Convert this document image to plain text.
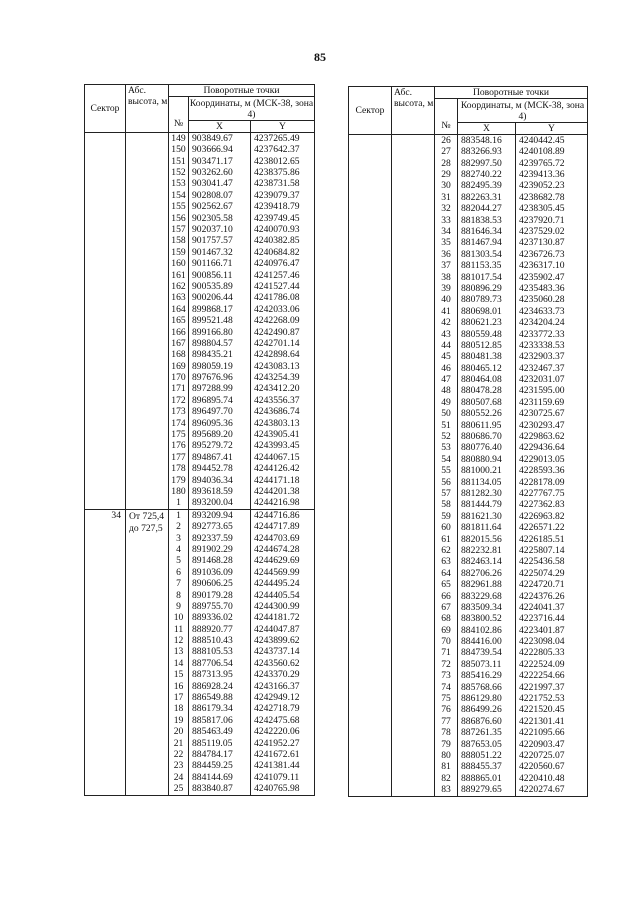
85
Сектор	Абс. высота, м	Поворотные точки		
		№	Координаты, м (МСК-38, зона 4)	
			X	Y
		149	903849.67	4237265.49
		150	903666.94	4237642.37
		151	903471.17	4238012.65
		152	903262.60	4238375.86
		153	903041.47	4238731.58
		154	902808.07	4239079.37
		155	902562.67	4239418.79
		156	902305.58	4239749.45
		157	902037.10	4240070.93
		158	901757.57	4240382.85
		159	901467.32	4240684.82
		160	901166.71	4240976.47
		161	900856.11	4241257.46
		162	900535.89	4241527.44
		163	900206.44	4241786.08
		164	899868.17	4242033.06
		165	899521.48	4242268.09
		166	899166.80	4242490.87
		167	898804.57	4242701.14
		168	898435.21	4242898.64
		169	898059.19	4243083.13
		170	897676.96	4243254.39
		171	897288.99	4243412.20
		172	896895.74	4243556.37
		173	896497.70	4243686.74
		174	896095.36	4243803.13
		175	895689.20	4243905.41
		176	895279.72	4243993.45
		177	894867.41	4244067.15
		178	894452.78	4244126.42
		179	894036.34	4244171.18
		180	893618.59	4244201.38
		1	893200.04	4244216.98
34	От 725,4 до 727,5	1	893209.94	4244716.86
		2	892773.65	4244717.89
		3	892337.59	4244703.69
		4	891902.29	4244674.28
		5	891468.28	4244629.69
		6	891036.09	4244569.99
		7	890606.25	4244495.24
		8	890179.28	4244405.54
		9	889755.70	4244300.99
		10	889336.02	4244181.72
		11	888920.77	4244047.87
		12	888510.43	4243899.62
		13	888105.53	4243737.14
		14	887706.54	4243560.62
		15	887313.95	4243370.29
		16	886928.24	4243166.37
		17	886549.88	4242949.12
		18	886179.34	4242718.79
		19	885817.06	4242475.68
		20	885463.49	4242220.06
		21	885119.05	4241952.27
		22	884784.17	4241672.61
		23	884459.25	4241381.44
		24	884144.69	4241079.11
		25	883840.87	4240765.98
Сектор	Абс. высота, м	Поворотные точки		
		№	Координаты, м (МСК-38, зона 4)	
			X	Y
		26	883548.16	4240442.45
		27	883266.93	4240108.89
		28	882997.50	4239765.72
		29	882740.22	4239413.36
		30	882495.39	4239052.23
		31	882263.31	4238682.78
		32	882044.27	4238305.45
		33	881838.53	4237920.71
		34	881646.34	4237529.02
		35	881467.94	4237130.87
		36	881303.54	4236726.73
		37	881153.35	4236317.10
		38	881017.54	4235902.47
		39	880896.29	4235483.36
		40	880789.73	4235060.28
		41	880698.01	4234633.73
		42	880621.23	4234204.24
		43	880559.48	4233772.33
		44	880512.85	4233338.53
		45	880481.38	4232903.37
		46	880465.12	4232467.37
		47	880464.08	4232031.07
		48	880478.28	4231595.00
		49	880507.68	4231159.69
		50	880552.26	4230725.67
		51	880611.95	4230293.47
		52	880686.70	4229863.62
		53	880776.40	4229436.64
		54	880880.94	4229013.05
		55	881000.21	4228593.36
		56	881134.05	4228178.09
		57	881282.30	4227767.75
		58	881444.79	4227362.83
		59	881621.30	4226963.82
		60	881811.64	4226571.22
		61	882015.56	4226185.51
		62	882232.81	4225807.14
		63	882463.14	4225436.58
		64	882706.26	4225074.29
		65	882961.88	4224720.71
		66	883229.68	4224376.26
		67	883509.34	4224041.37
		68	883800.52	4223716.44
		69	884102.86	4223401.87
		70	884416.00	4223098.04
		71	884739.54	4222805.33
		72	885073.11	4222524.09
		73	885416.29	4222254.66
		74	885768.66	4221997.37
		75	886129.80	4221752.53
		76	886499.26	4221520.45
		77	886876.60	4221301.41
		78	887261.35	4221095.66
		79	887653.05	4220903.47
		80	888051.22	4220725.07
		81	888455.37	4220560.67
		82	888865.01	4220410.48
		83	889279.65	4220274.67
